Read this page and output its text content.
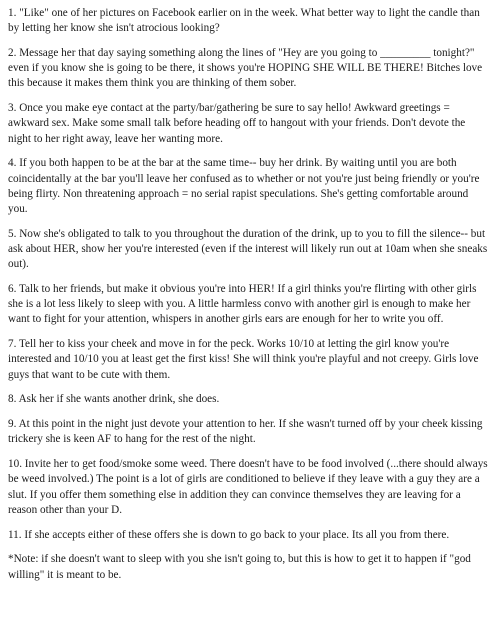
1. "Like" one of her pictures on Facebook earlier on in the week. What better way to light the candle than by letting her know she isn't atrocious looking?

2. Message her that day saying something along the lines of "Hey are you going to _________ tonight?" even if you know she is going to be there, it shows you're HOPING SHE WILL BE THERE! Bitches love this because it makes them think you are thinking of them sober.

3. Once you make eye contact at the party/bar/gathering be sure to say hello! Awkward greetings = awkward sex. Make some small talk before heading off to hangout with your friends. Don't devote the night to her right away, leave her wanting more.

4. If you both happen to be at the bar at the same time-- buy her drink. By waiting until you are both coincidentally at the bar you'll leave her confused as to whether or not you're just being friendly or you're being flirty. Non threatening approach = no serial rapist speculations. She's getting comfortable around you.

5. Now she's obligated to talk to you throughout the duration of the drink, up to you to fill the silence-- but ask about HER, show her you're interested (even if the interest will likely run out at 10am when she sneaks out).

6. Talk to her friends, but make it obvious you're into HER! If a girl thinks you're flirting with other girls she is a lot less likely to sleep with you. A little harmless convo with another girl is enough to make her want to fight for your attention, whispers in another girls ears are enough for her to write you off.

7. Tell her to kiss your cheek and move in for the peck. Works 10/10 at letting the girl know you're interested and 10/10 you at least get the first kiss! She will think you're playful and not creepy. Girls love guys that want to be cute with them.

8. Ask her if she wants another drink, she does.

9. At this point in the night just devote your attention to her. If she wasn't turned off by your cheek kissing trickery she is keen AF to hang for the rest of the night.

10. Invite her to get food/smoke some weed. There doesn't have to be food involved (...there should always be weed involved.) The point is a lot of girls are conditioned to believe if they leave with a guy they are a slut. If you offer them something else in addition they can convince themselves they are leaving for a reason other than your D.

11. If she accepts either of these offers she is down to go back to your place. Its all you from there.

*Note: if she doesn't want to sleep with you she isn't going to, but this is how to get it to happen if "god willing" it is meant to be.
